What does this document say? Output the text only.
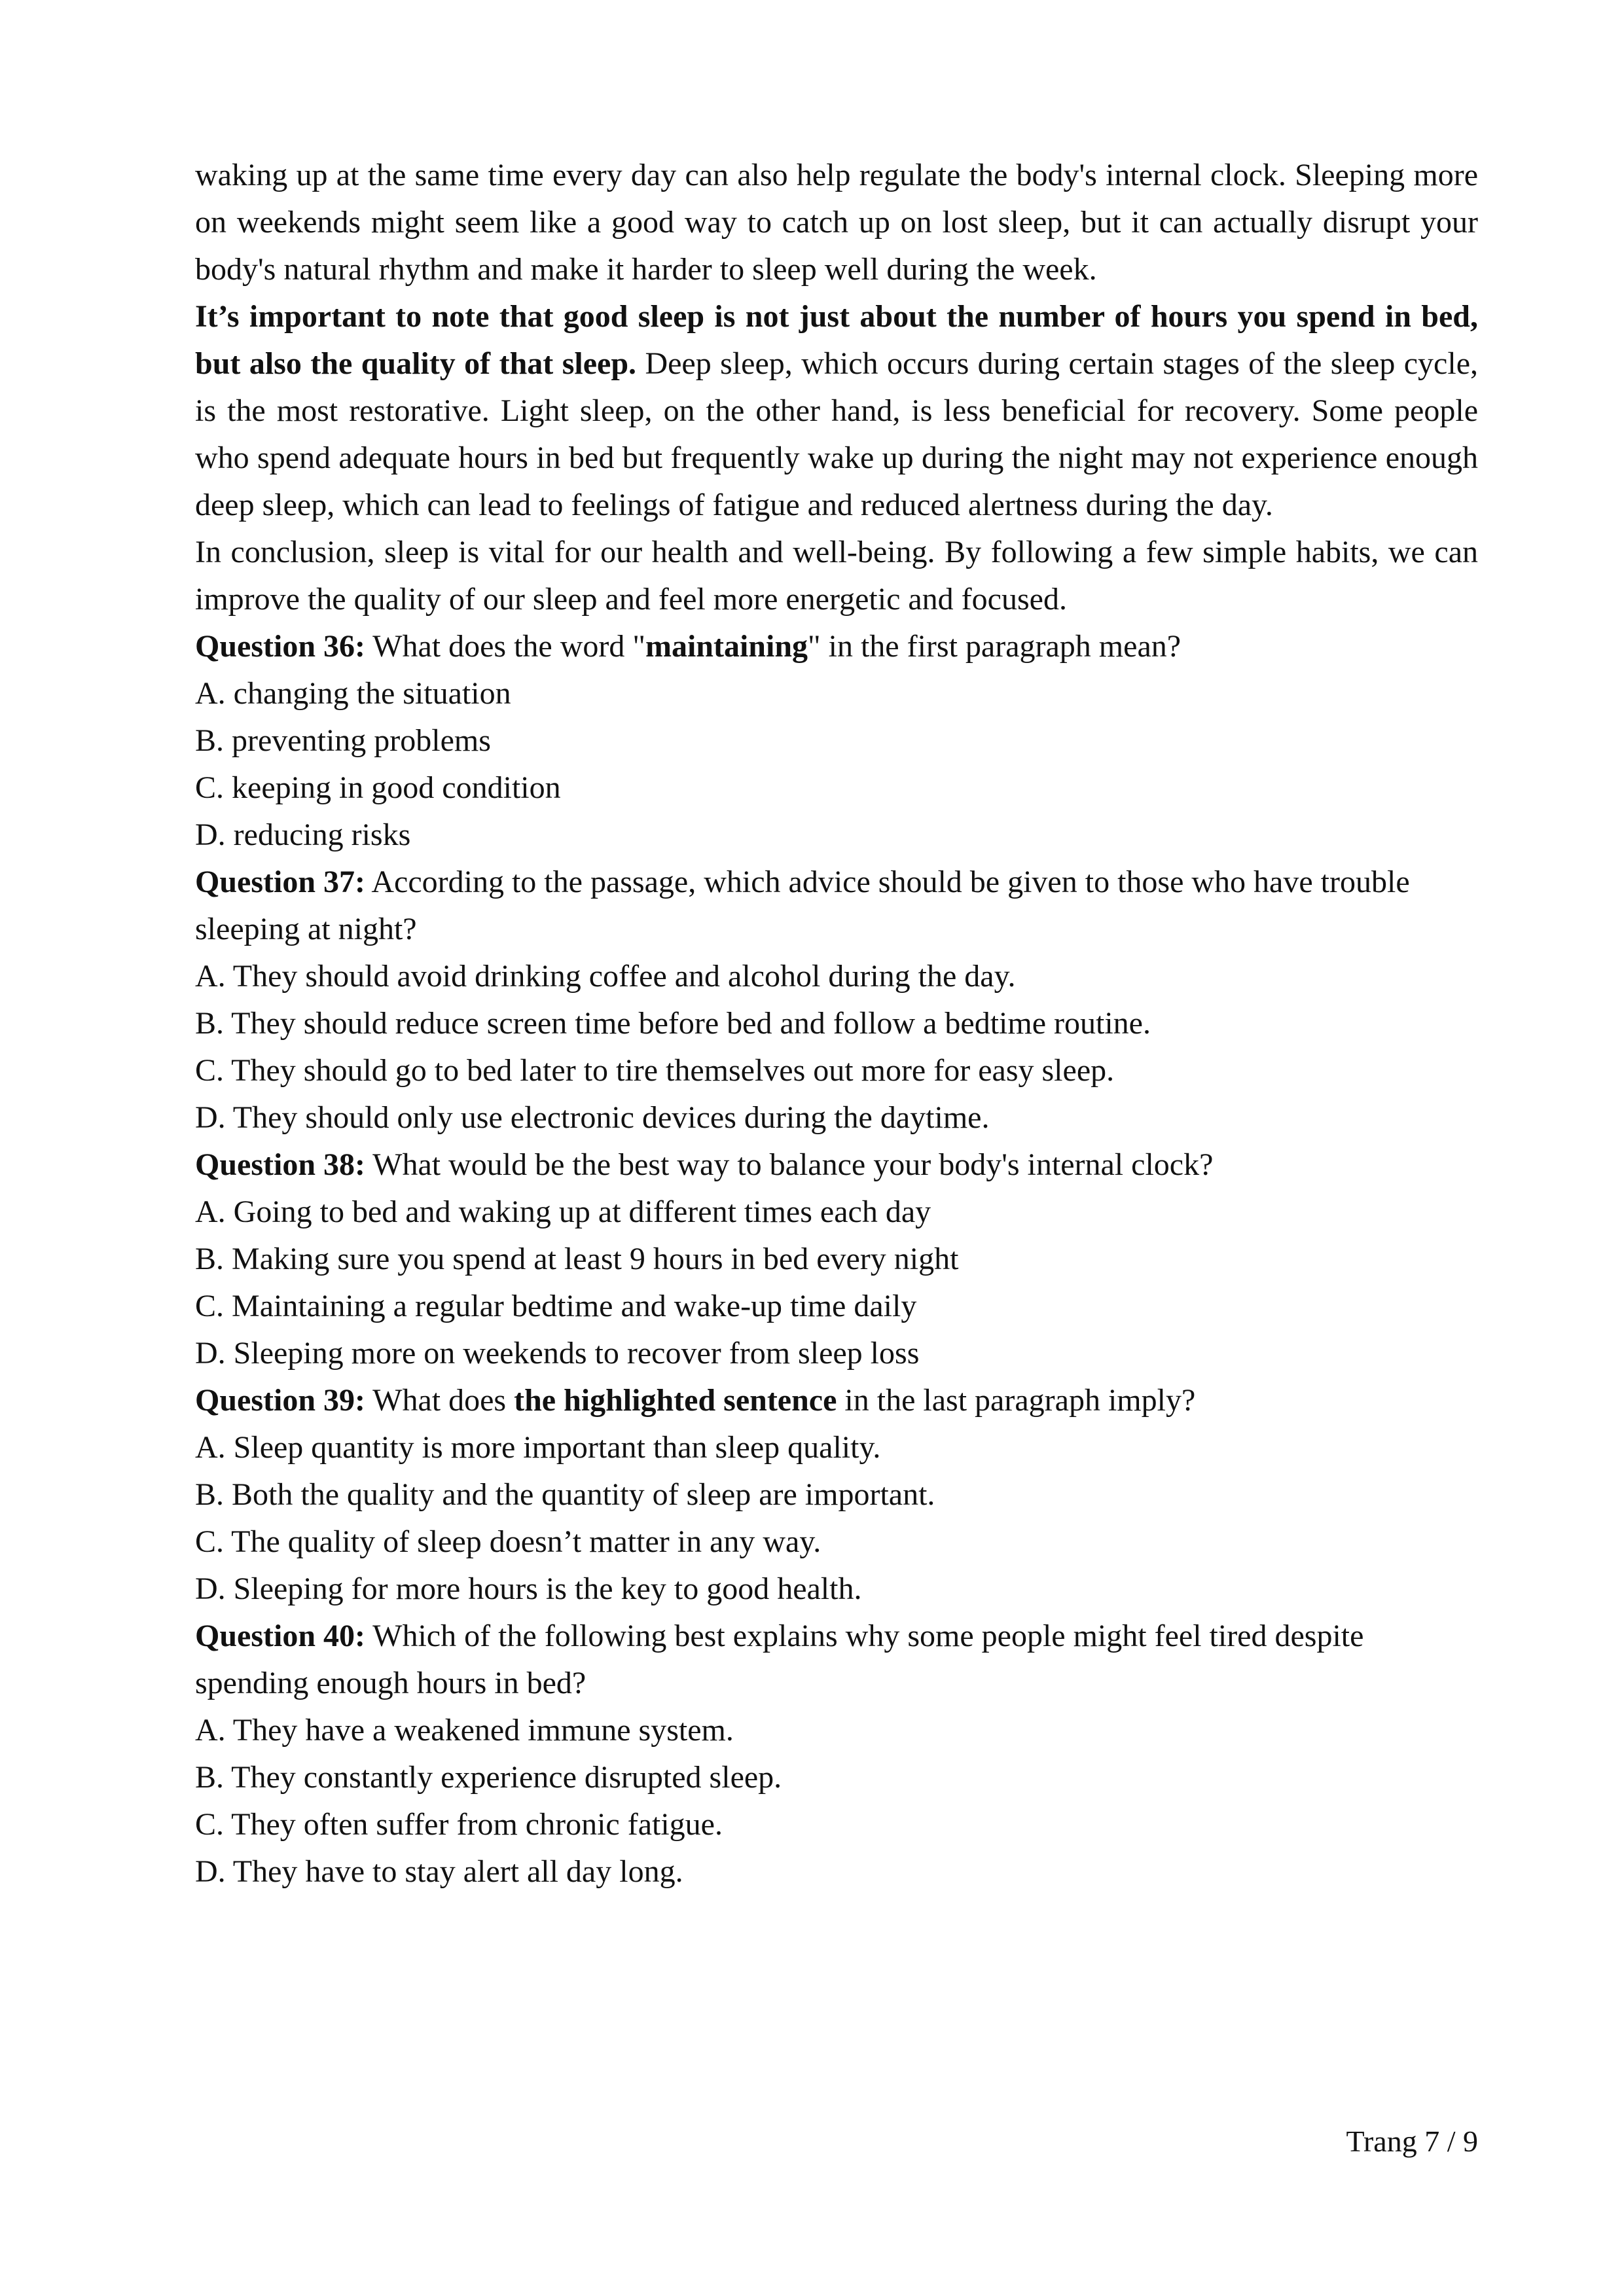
waking up at the same time every day can also help regulate the body's internal clock. Sleeping more on weekends might seem like a good way to catch up on lost sleep, but it can actually disrupt your body's natural rhythm and make it harder to sleep well during the week.

It’s important to note that good sleep is not just about the number of hours you spend in bed, but also the quality of that sleep. Deep sleep, which occurs during certain stages of the sleep cycle, is the most restorative. Light sleep, on the other hand, is less beneficial for recovery. Some people who spend adequate hours in bed but frequently wake up during the night may not experience enough deep sleep, which can lead to feelings of fatigue and reduced alertness during the day.

In conclusion, sleep is vital for our health and well-being. By following a few simple habits, we can improve the quality of our sleep and feel more energetic and focused.

Question 36: What does the word "maintaining" in the first paragraph mean?

A. changing the situation

B. preventing problems

C. keeping in good condition

D. reducing risks

Question 37: According to the passage, which advice should be given to those who have trouble sleeping at night?

A. They should avoid drinking coffee and alcohol during the day.

B. They should reduce screen time before bed and follow a bedtime routine.

C. They should go to bed later to tire themselves out more for easy sleep.

D. They should only use electronic devices during the daytime.

Question 38: What would be the best way to balance your body's internal clock?

A. Going to bed and waking up at different times each day

B. Making sure you spend at least 9 hours in bed every night

C. Maintaining a regular bedtime and wake-up time daily

D. Sleeping more on weekends to recover from sleep loss

Question 39: What does the highlighted sentence in the last paragraph imply?

A. Sleep quantity is more important than sleep quality.

B. Both the quality and the quantity of sleep are important.

C. The quality of sleep doesn’t matter in any way.

D. Sleeping for more hours is the key to good health.

Question 40: Which of the following best explains why some people might feel tired despite spending enough hours in bed?

A. They have a weakened immune system.

B. They constantly experience disrupted sleep.

C. They often suffer from chronic fatigue.

D. They have to stay alert all day long.

Trang 7 / 9
